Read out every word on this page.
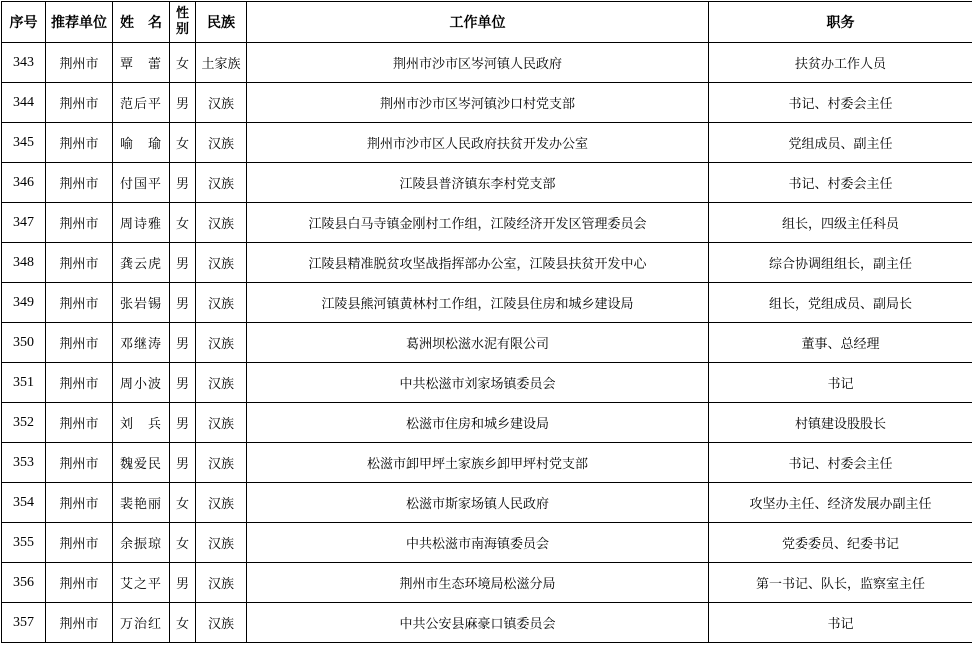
序号	推荐单位	姓　名	性别	民族	工作单位	职务
343	荆州市	覃　蕾	女	土家族	荆州市沙市区岑河镇人民政府	扶贫办工作人员
344	荆州市	范后平	男	汉族	荆州市沙市区岑河镇沙口村党支部	书记、村委会主任
345	荆州市	喻　瑜	女	汉族	荆州市沙市区人民政府扶贫开发办公室	党组成员、副主任
346	荆州市	付国平	男	汉族	江陵县普济镇东李村党支部	书记、村委会主任
347	荆州市	周诗雅	女	汉族	江陵县白马寺镇金刚村工作组，江陵经济开发区管理委员会	组长，四级主任科员
348	荆州市	龚云虎	男	汉族	江陵县精准脱贫攻坚战指挥部办公室，江陵县扶贫开发中心	综合协调组组长，副主任
349	荆州市	张岩锡	男	汉族	江陵县熊河镇黄林村工作组，江陵县住房和城乡建设局	组长，党组成员、副局长
350	荆州市	邓继涛	男	汉族	葛洲坝松滋水泥有限公司	董事、总经理
351	荆州市	周小波	男	汉族	中共松滋市刘家场镇委员会	书记
352	荆州市	刘　兵	男	汉族	松滋市住房和城乡建设局	村镇建设股股长
353	荆州市	魏爱民	男	汉族	松滋市卸甲坪土家族乡卸甲坪村党支部	书记、村委会主任
354	荆州市	裴艳丽	女	汉族	松滋市斯家场镇人民政府	攻坚办主任、经济发展办副主任
355	荆州市	余振琼	女	汉族	中共松滋市南海镇委员会	党委委员、纪委书记
356	荆州市	艾之平	男	汉族	荆州市生态环境局松滋分局	第一书记、队长，监察室主任
357	荆州市	万治红	女	汉族	中共公安县麻豪口镇委员会	书记
